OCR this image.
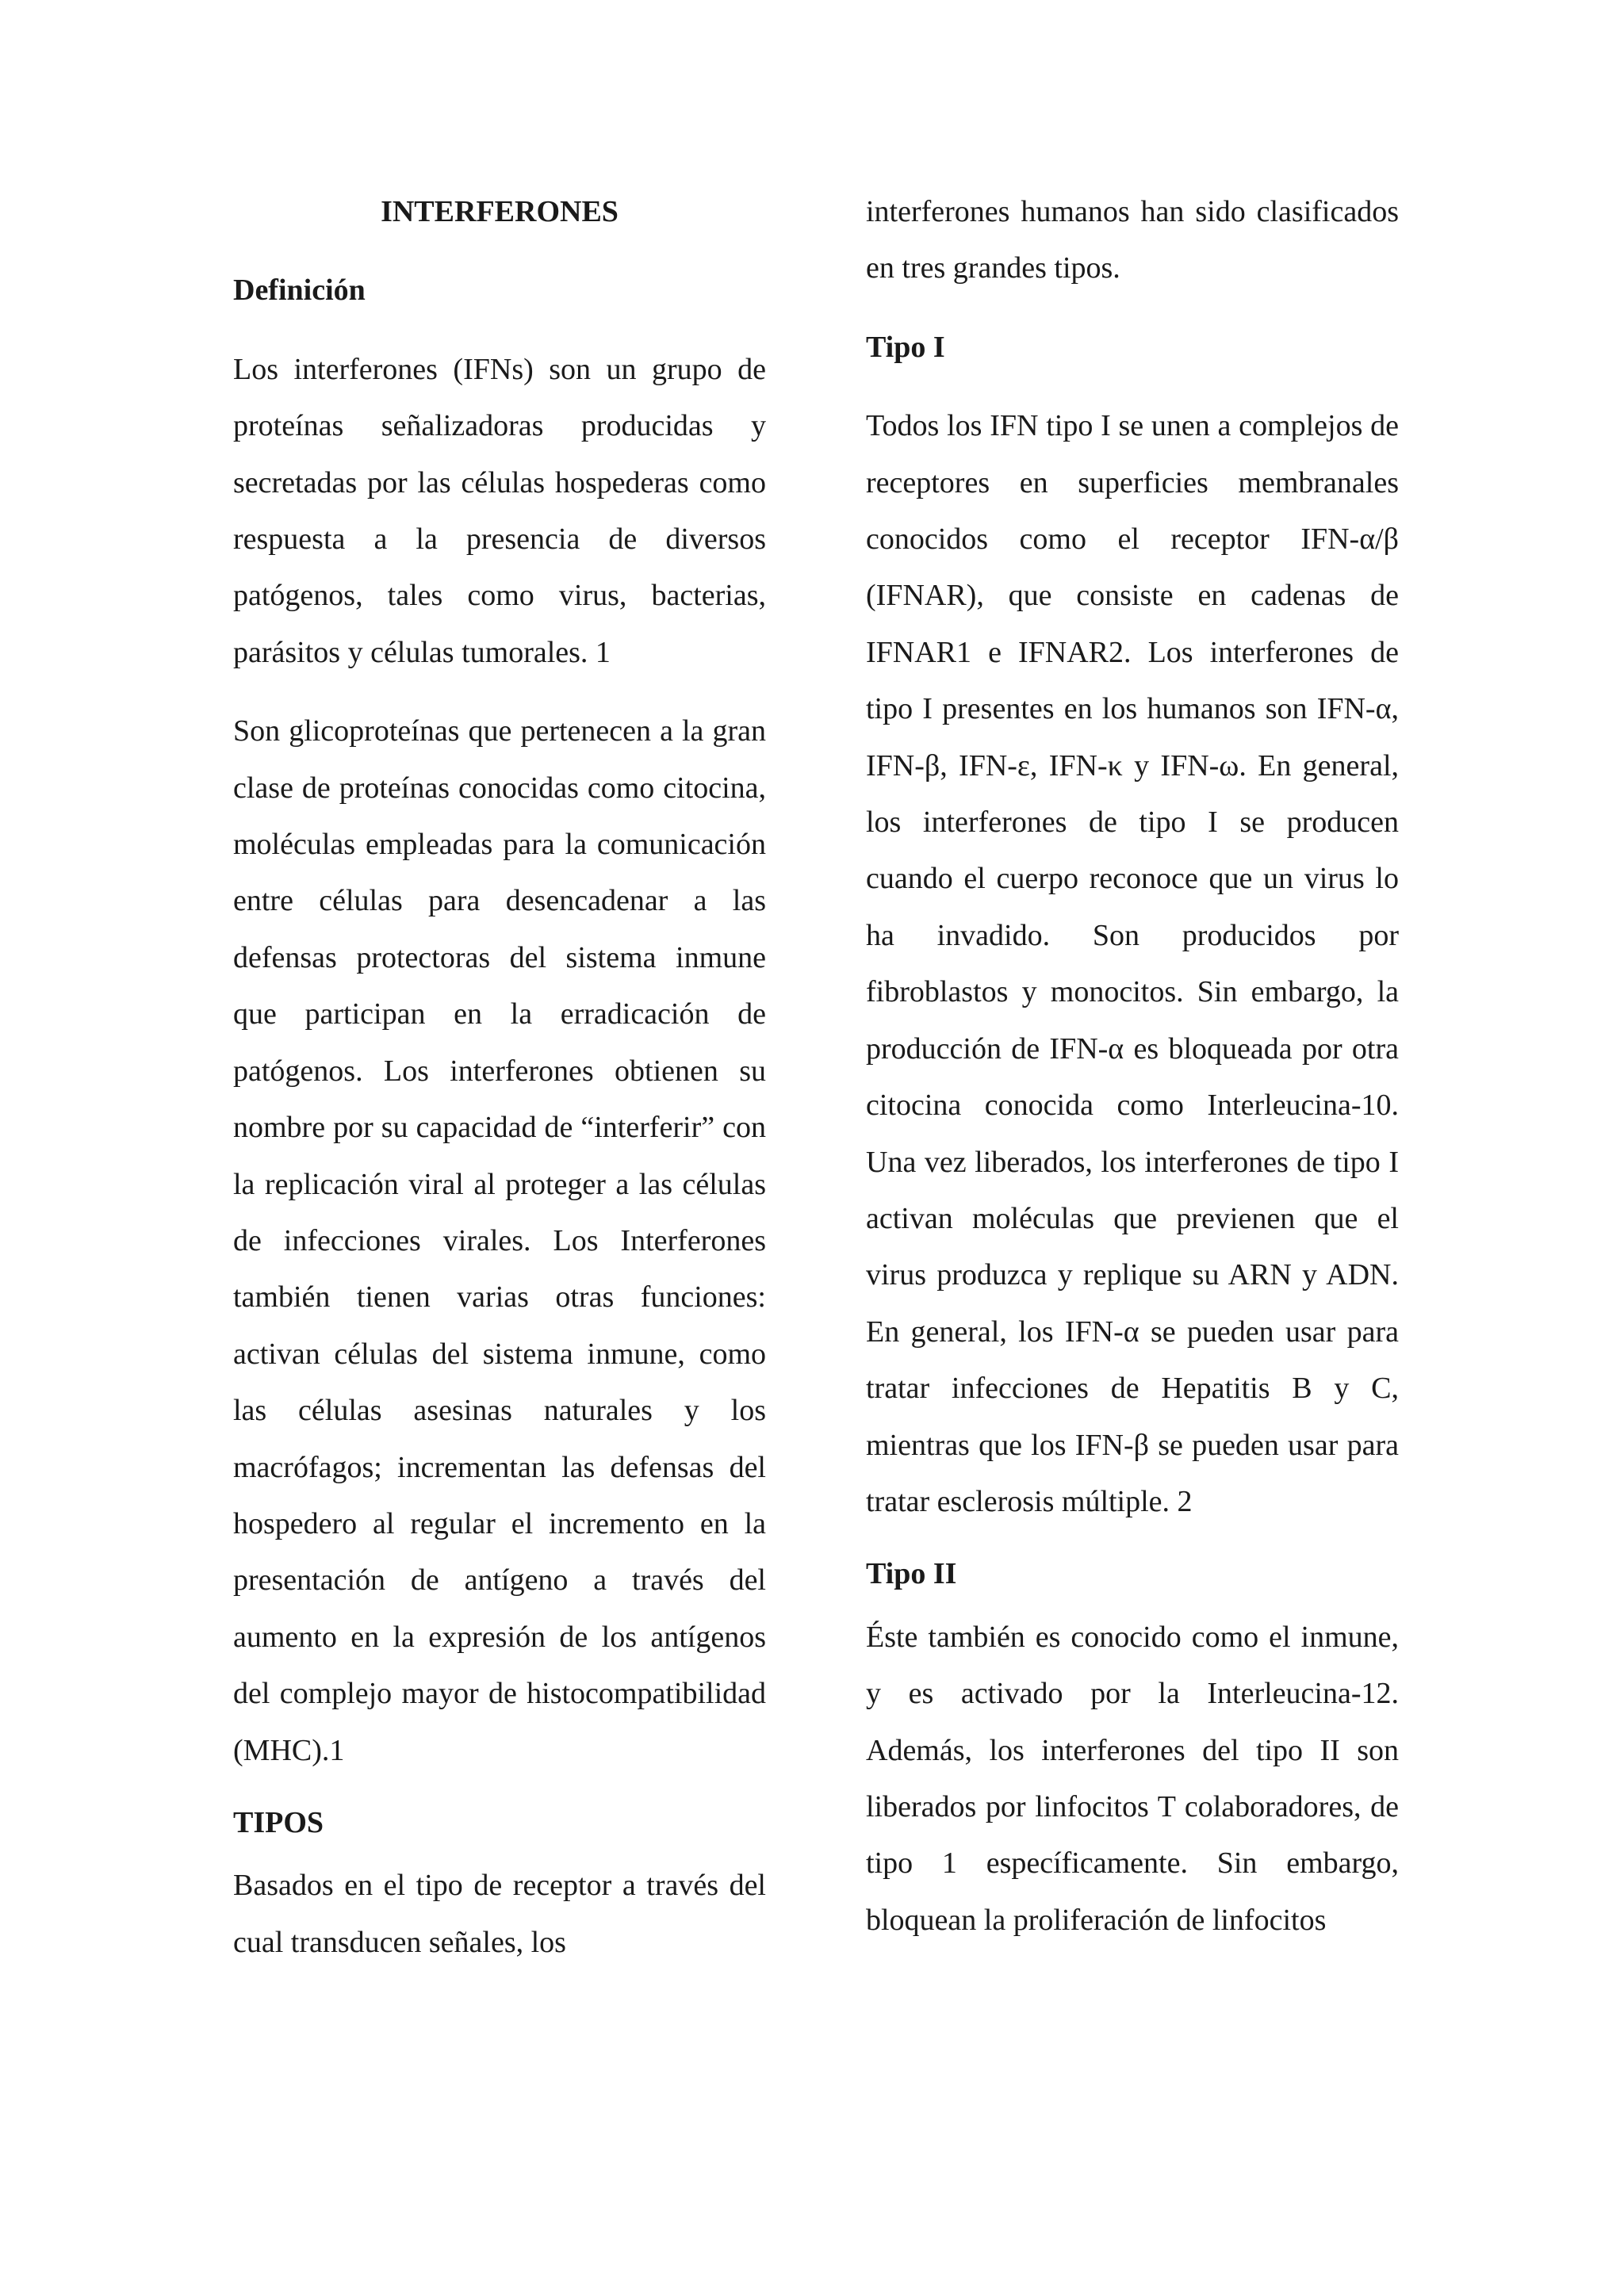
INTERFERONES
Definición

Los interferones (IFNs) son un grupo de proteínas señalizadoras producidas y secretadas por las células hospederas como respuesta a la presencia de diversos patógenos, tales como virus, bacterias, parásitos y células tumorales. 1

Son glicoproteínas que pertenecen a la gran clase de proteínas conocidas como citocina, moléculas empleadas para la comunicación entre células para desencadenar a las defensas protectoras del sistema inmune que participan en la erradicación de patógenos. Los interferones obtienen su nombre por su capacidad de “interferir” con la replicación viral al proteger a las células de infecciones virales. Los Interferones también tienen varias otras funciones: activan células del sistema inmune, como las células asesinas naturales y los macrófagos; incrementan las defensas del hospedero al regular el incremento en la presentación de antígeno a través del aumento en la expresión de los antígenos del complejo mayor de histocompatibilidad (MHC).1

TIPOS

Basados en el tipo de receptor a través del cual transducen señales, los

interferones humanos han sido clasificados en tres grandes tipos.

Tipo I

Todos los IFN tipo I se unen a complejos de receptores en superficies membranales conocidos como el receptor IFN-α/β (IFNAR), que consiste en cadenas de IFNAR1 e IFNAR2. Los interferones de tipo I presentes en los humanos son IFN-α, IFN-β, IFN-ε, IFN-κ y IFN-ω. En general, los interferones de tipo I se producen cuando el cuerpo reconoce que un virus lo ha invadido. Son producidos por fibroblastos y monocitos. Sin embargo, la producción de IFN-α es bloqueada por otra citocina conocida como Interleucina-10. Una vez liberados, los interferones de tipo I activan moléculas que previenen que el virus produzca y replique su ARN y ADN. En general, los IFN-α se pueden usar para tratar infecciones de Hepatitis B y C, mientras que los IFN-β se pueden usar para tratar esclerosis múltiple. 2

Tipo II

Éste también es conocido como el inmune, y es activado por la Interleucina-12. Además, los interferones del tipo II son liberados por linfocitos T colaboradores, de tipo 1 específicamente. Sin embargo, bloquean la proliferación de linfocitos
